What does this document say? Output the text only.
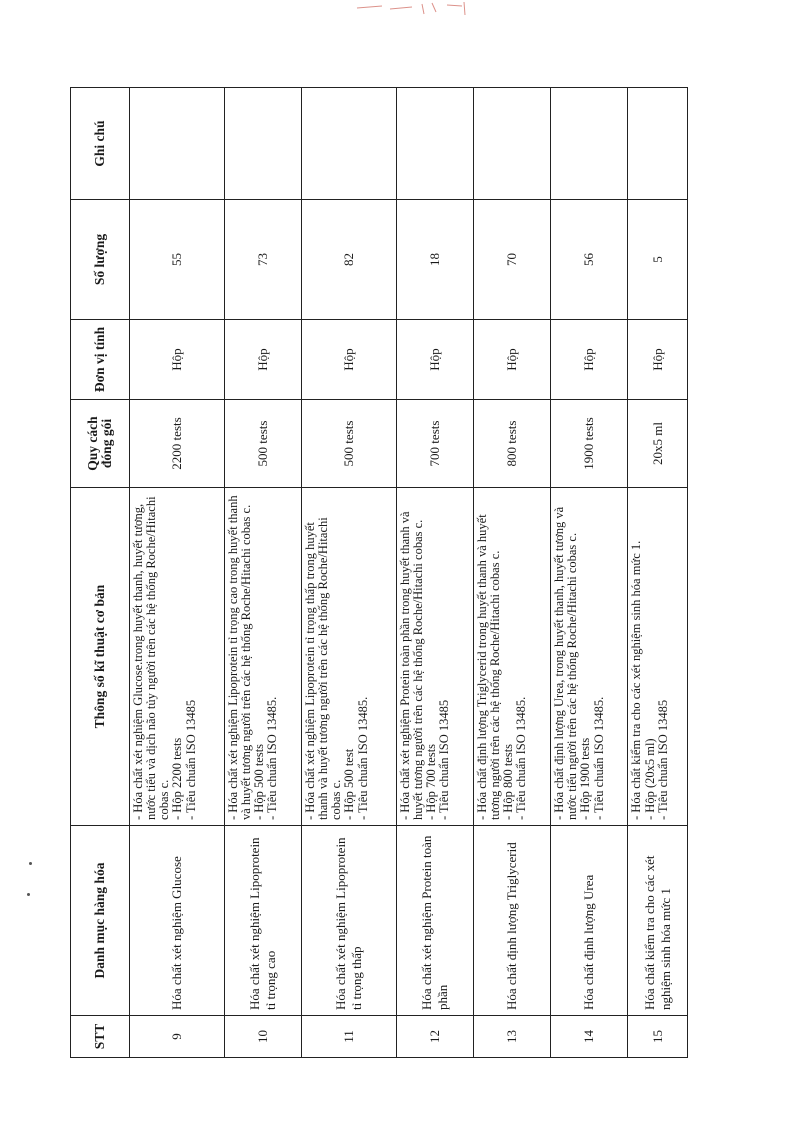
STT	Danh mục hàng hóa	Thông số kĩ thuật cơ bản	Quy cách đóng gói	Đơn vị tính	Số lượng	Ghi chú
9	Hóa chất xét nghiệm Glucose	- Hóa chất xét nghiệm Glucose.trong huyết thanh, huyết tương, nước tiểu và dịch não tủy người trên các hệ thống Roche/Hitachi cobas c. - Hộp 2200 tests - Tiêu chuẩn ISO 13485	2200 tests	Hộp	55	
10	Hóa chất xét nghiệm Lipoprotein tỉ trọng cao	- Hóa chất xét nghiệm Lipoprotein tỉ trọng cao trong huyết thanh và huyết tương người trên các hệ thống Roche/Hitachi cobas c. - Hộp 500 tests - Tiêu chuẩn ISO 13485.	500 tests	Hộp	73	
11	Hóa chất xét nghiệm Lipoprotein tỉ trọng thấp	- Hóa chất xét nghiệm Lipoprotein tỉ trọng thấp trong huyết thanh và huyết tương người trên các hệ thống Roche/Hitachi cobas c. - Hộp 500 test - Tiêu chuẩn ISO 13485.	500 tests	Hộp	82	
12	Hóa chất xét nghiệm Protein toàn phần	- Hóa chất xét nghiệm Protein toàn phần trong huyết thanh và huyết tương người trên các hệ thống Roche/Hitachi cobas c. - Hộp 700 tests - Tiêu chuẩn ISO 13485	700 tests	Hộp	18	
13	Hóa chất định lượng Triglycerid	- Hóa chất định lượng Triglycerid trong huyết thanh và huyết tương người trên các hệ thống Roche/Hitachi cobas c. - Hộp 800 tests - Tiêu chuẩn ISO 13485.	800 tests	Hộp	70	
14	Hóa chất định lượng Urea	- Hóa chất định lượng Urea, trong huyết thanh, huyết tương và nước tiểu người trên các hệ thống Roche/Hitachi cobas c. - Hộp 1900 tests - Tiêu chuẩn ISO 13485.	1900 tests	Hộp	56	
15	Hóa chất kiểm tra cho các xét nghiệm sinh hóa mức 1	- Hóa chất kiểm tra cho các xét nghiệm sinh hóa mức 1. - Hộp (20x5 ml) - Tiêu chuẩn ISO 13485	20x5 ml	Hộp	5	
